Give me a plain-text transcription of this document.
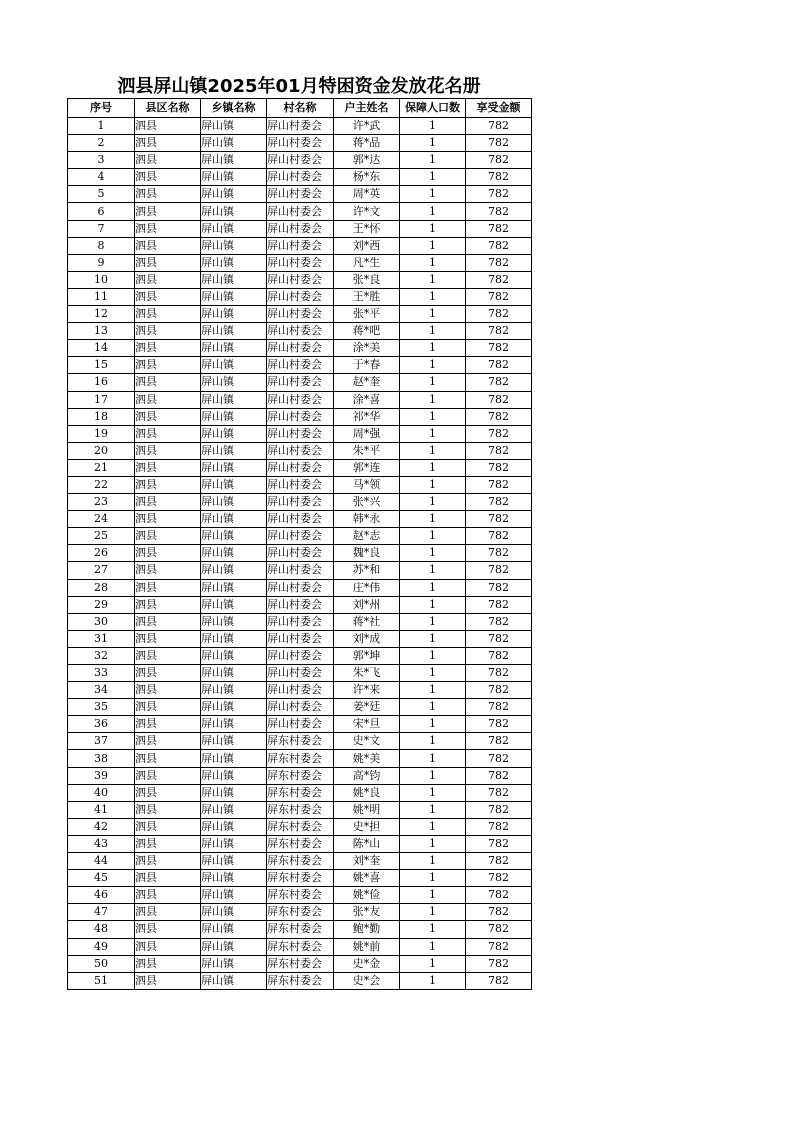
泗县屏山镇2025年01月特困资金发放花名册
序号	县区名称	乡镇名称	村名称	户主姓名	保障人口数	享受金额
1	泗县	屏山镇	屏山村委会	许*武	1	782
2	泗县	屏山镇	屏山村委会	蒋*品	1	782
3	泗县	屏山镇	屏山村委会	郭*达	1	782
4	泗县	屏山镇	屏山村委会	杨*东	1	782
5	泗县	屏山镇	屏山村委会	周*英	1	782
6	泗县	屏山镇	屏山村委会	许*文	1	782
7	泗县	屏山镇	屏山村委会	王*怀	1	782
8	泗县	屏山镇	屏山村委会	刘*西	1	782
9	泗县	屏山镇	屏山村委会	凡*生	1	782
10	泗县	屏山镇	屏山村委会	张*良	1	782
11	泗县	屏山镇	屏山村委会	王*胜	1	782
12	泗县	屏山镇	屏山村委会	张*平	1	782
13	泗县	屏山镇	屏山村委会	蒋*吧	1	782
14	泗县	屏山镇	屏山村委会	涂*美	1	782
15	泗县	屏山镇	屏山村委会	于*春	1	782
16	泗县	屏山镇	屏山村委会	赵*奎	1	782
17	泗县	屏山镇	屏山村委会	涂*喜	1	782
18	泗县	屏山镇	屏山村委会	祁*华	1	782
19	泗县	屏山镇	屏山村委会	周*强	1	782
20	泗县	屏山镇	屏山村委会	朱*平	1	782
21	泗县	屏山镇	屏山村委会	郭*连	1	782
22	泗县	屏山镇	屏山村委会	马*领	1	782
23	泗县	屏山镇	屏山村委会	张*兴	1	782
24	泗县	屏山镇	屏山村委会	韩*永	1	782
25	泗县	屏山镇	屏山村委会	赵*志	1	782
26	泗县	屏山镇	屏山村委会	魏*良	1	782
27	泗县	屏山镇	屏山村委会	苏*和	1	782
28	泗县	屏山镇	屏山村委会	庄*伟	1	782
29	泗县	屏山镇	屏山村委会	刘*州	1	782
30	泗县	屏山镇	屏山村委会	蒋*社	1	782
31	泗县	屏山镇	屏山村委会	刘*成	1	782
32	泗县	屏山镇	屏山村委会	郭*坤	1	782
33	泗县	屏山镇	屏山村委会	朱*飞	1	782
34	泗县	屏山镇	屏山村委会	许*来	1	782
35	泗县	屏山镇	屏山村委会	姜*廷	1	782
36	泗县	屏山镇	屏山村委会	宋*旦	1	782
37	泗县	屏山镇	屏东村委会	史*文	1	782
38	泗县	屏山镇	屏东村委会	姚*美	1	782
39	泗县	屏山镇	屏东村委会	高*钧	1	782
40	泗县	屏山镇	屏东村委会	姚*良	1	782
41	泗县	屏山镇	屏东村委会	姚*明	1	782
42	泗县	屏山镇	屏东村委会	史*担	1	782
43	泗县	屏山镇	屏东村委会	陈*山	1	782
44	泗县	屏山镇	屏东村委会	刘*奎	1	782
45	泗县	屏山镇	屏东村委会	姚*喜	1	782
46	泗县	屏山镇	屏东村委会	姚*俭	1	782
47	泗县	屏山镇	屏东村委会	张*友	1	782
48	泗县	屏山镇	屏东村委会	鲍*勤	1	782
49	泗县	屏山镇	屏东村委会	姚*前	1	782
50	泗县	屏山镇	屏东村委会	史*金	1	782
51	泗县	屏山镇	屏东村委会	史*会	1	782
